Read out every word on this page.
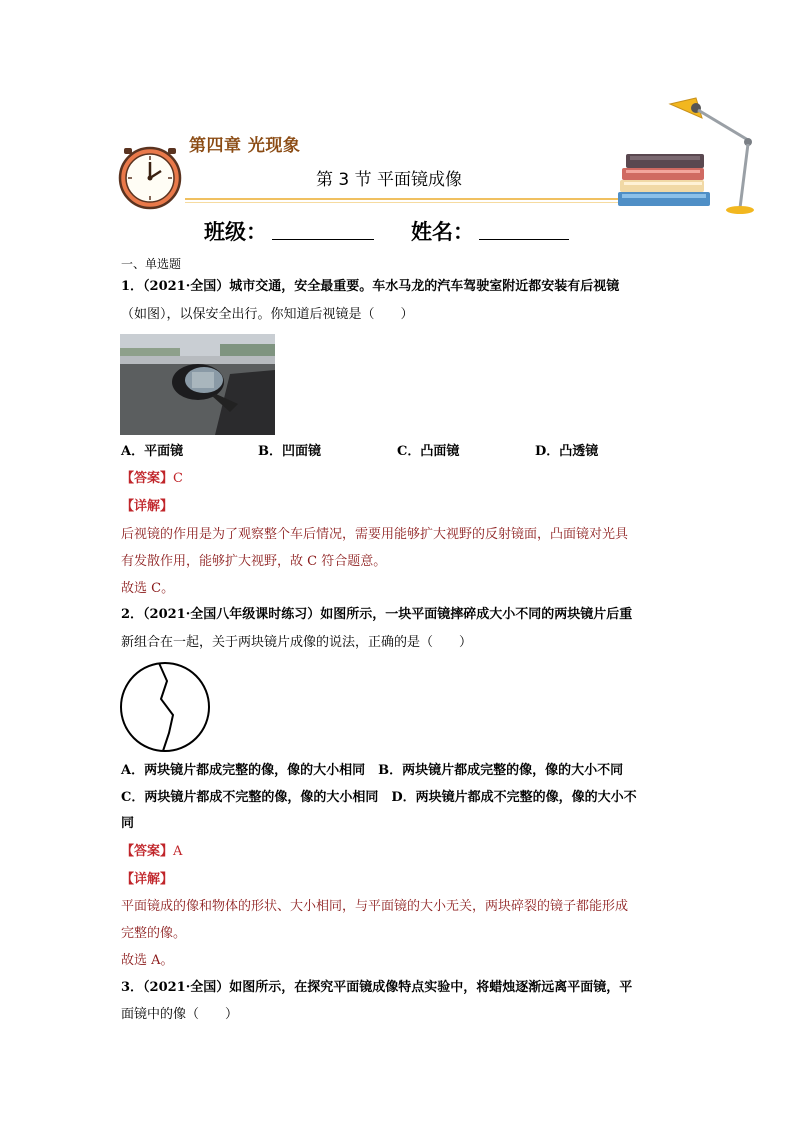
第四章 光现象
第 3 节 平面镜成像
班级：	姓名：
一、单选题
1．（2021·全国）城市交通，安全最重要。车水马龙的汽车驾驶室附近都安装有后视镜
（如图），以保安全出行。你知道后视镜是（　　）
A．平面镜	B．凹面镜	C．凸面镜	D．凸透镜
【答案】C
【详解】
后视镜的作用是为了观察整个车后情况，需要用能够扩大视野的反射镜面，凸面镜对光具
有发散作用，能够扩大视野，故 C 符合题意。
故选 C。
2．（2021·全国八年级课时练习）如图所示，一块平面镜摔碎成大小不同的两块镜片后重
新组合在一起，关于两块镜片成像的说法，正确的是（　　）
A．两块镜片都成完整的像，像的大小相同　B．两块镜片都成完整的像，像的大小不同
C．两块镜片都成不完整的像，像的大小相同　D．两块镜片都成不完整的像，像的大小不
同
【答案】A
【详解】
平面镜成的像和物体的形状、大小相同，与平面镜的大小无关，两块碎裂的镜子都能形成
完整的像。
故选 A。
3．（2021·全国）如图所示，在探究平面镜成像特点实验中，将蜡烛逐渐远离平面镜，平
面镜中的像（　　）
